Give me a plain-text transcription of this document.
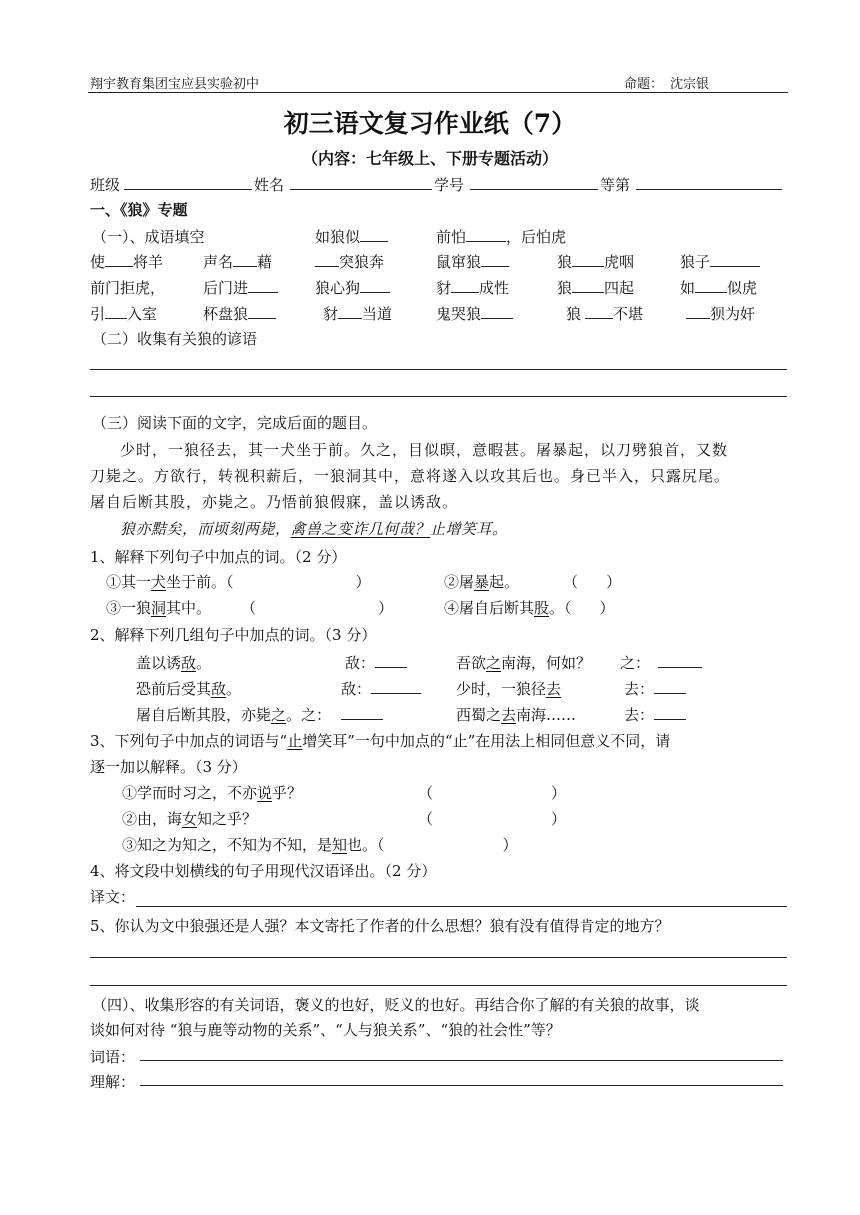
翔宇教育集团宝应县实验初中	命题： 沈宗银
初三语文复习作业纸（7）
（内容：七年级上、下册专题活动）
班级	姓名	学号	等第
一、《狼》专题
（一）、成语填空	如狼似	前怕	，后怕虎
使 将羊	声名 藉	突狼奔	鼠窜狼	狼 虎咽	狼子
前门拒虎，	后门进	狼心狗	豺 成性	狼 四起	如 似虎
引 入室	杯盘狼	豺 当道	鬼哭狼	狼 不堪	狈为奸
（二）收集有关狼的谚语
（三）阅读下面的文字，完成后面的题目。
少时，一狼径去，其一犬坐于前。久之，目似暝，意暇甚。屠暴起，以刀劈狼首，又数
刀毙之。方欲行，转视积薪后，一狼洞其中，意将遂入以攻其后也。身已半入，只露尻尾。
屠自后断其股，亦毙之。乃悟前狼假寐，盖以诱敌。
狼亦黠矣，而顷刻两毙，禽兽之变诈几何哉？止增笑耳。
1、解释下列句子中加点的词。（2 分）
①其一犬坐于前。（	）	②屠暴起。	（ ）
③一狼洞其中。 （	）	④屠自后断其股。（ ）
2、解释下列几组句子中加点的词。（3 分）
盖以诱敌。	敌：	吾欲之南海，何如？ 之：
恐前后受其敌。	敌：	少时，一狼径去	去：
屠自后断其股，亦毙之。之：	西蜀之去南海……	去：
3、下列句子中加点的词语与“止增笑耳”一句中加点的“止”在用法上相同但意义不同，请
逐一加以解释。（3 分）
①学而时习之，不亦说乎？	（	）
②由，诲女知之乎？	（	）
③知之为知之，不知为不知，是知也。（	）
4、将文段中划横线的句子用现代汉语译出。（2 分）
译文：
5、你认为文中狼强还是人强？本文寄托了作者的什么思想？狼有没有值得肯定的地方？
（四）、收集形容的有关词语，褒义的也好，贬义的也好。再结合你了解的有关狼的故事，谈
谈如何对待 “狼与鹿等动物的关系”、“人与狼关系”、“狼的社会性”等？
词语：
理解：
